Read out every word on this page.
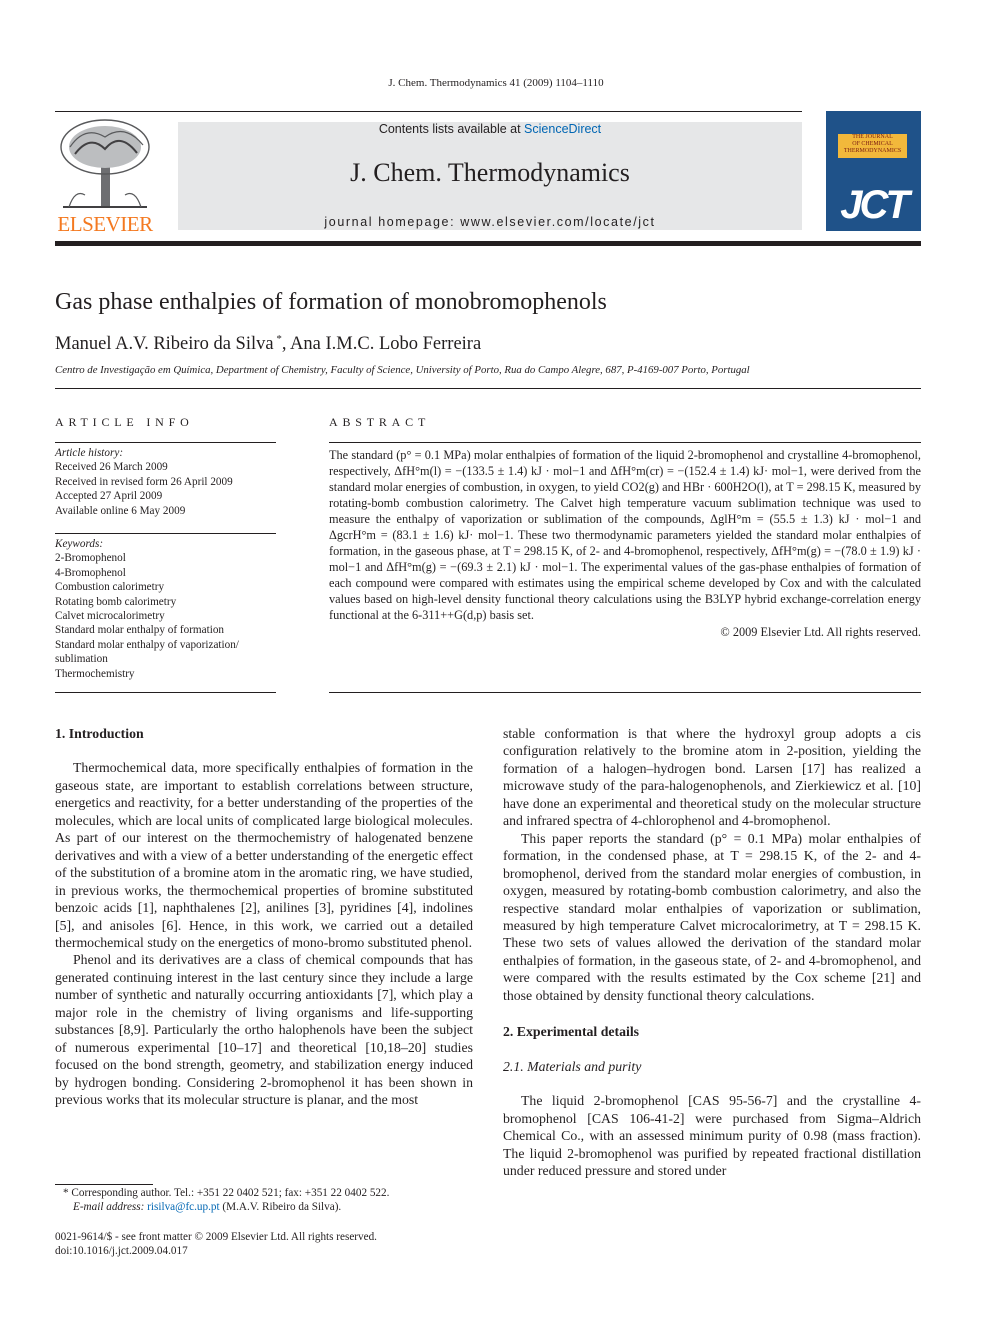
J. Chem. Thermodynamics 41 (2009) 1104–1110
ELSEVIER
Contents lists available at ScienceDirect
J. Chem. Thermodynamics
journal homepage: www.elsevier.com/locate/jct
THE JOURNAL
OF CHEMICAL
THERMODYNAMICS
JCT
Gas phase enthalpies of formation of monobromophenols
Manuel A.V. Ribeiro da Silva *, Ana I.M.C. Lobo Ferreira
Centro de Investigação em Química, Department of Chemistry, Faculty of Science, University of Porto, Rua do Campo Alegre, 687, P-4169-007 Porto, Portugal
ARTICLE INFO

Article history:

Received 26 March 2009

Received in revised form 26 April 2009

Accepted 27 April 2009

Available online 6 May 2009

Keywords:

2-Bromophenol

4-Bromophenol

Combustion calorimetry

Rotating bomb calorimetry

Calvet microcalorimetry

Standard molar enthalpy of formation

Standard molar enthalpy of vaporization/

sublimation

Thermochemistry

ABSTRACT

The standard (p° = 0.1 MPa) molar enthalpies of formation of the liquid 2-bromophenol and crystalline 4-bromophenol, respectively, ΔfH°m(l) = −(133.5 ± 1.4) kJ · mol−1 and ΔfH°m(cr) = −(152.4 ± 1.4) kJ· mol−1, were derived from the standard molar energies of combustion, in oxygen, to yield CO2(g) and HBr · 600H2O(l), at T = 298.15 K, measured by rotating-bomb combustion calorimetry. The Calvet high temperature vacuum sublimation technique was used to measure the enthalpy of vaporization or sublimation of the compounds, ΔglH°m = (55.5 ± 1.3) kJ · mol−1 and ΔgcrH°m = (83.1 ± 1.6) kJ· mol−1. These two thermodynamic parameters yielded the standard molar enthalpies of formation, in the gaseous phase, at T = 298.15 K, of 2- and 4-bromophenol, respectively, ΔfH°m(g) = −(78.0 ± 1.9) kJ · mol−1 and ΔfH°m(g) = −(69.3 ± 2.1) kJ · mol−1. The experimental values of the gas-phase enthalpies of formation of each compound were compared with estimates using the empirical scheme developed by Cox and with the calculated values based on high-level density functional theory calculations using the B3LYP hybrid exchange-correlation energy functional at the 6-311++G(d,p) basis set.

© 2009 Elsevier Ltd. All rights reserved.

1. Introduction

Thermochemical data, more specifically enthalpies of formation in the gaseous state, are important to establish correlations between structure, energetics and reactivity, for a better understanding of the properties of the molecules, which are local units of complicated large biological molecules. As part of our interest on the thermochemistry of halogenated benzene derivatives and with a view of a better understanding of the energetic effect of the substitution of a bromine atom in the aromatic ring, we have studied, in previous works, the thermochemical properties of bromine substituted benzoic acids [1], naphthalenes [2], anilines [3], pyridines [4], indolines [5], and anisoles [6]. Hence, in this work, we carried out a detailed thermochemical study on the energetics of mono-bromo substituted phenol.

Phenol and its derivatives are a class of chemical compounds that has generated continuing interest in the last century since they include a large number of synthetic and naturally occurring antioxidants [7], which play a major role in the chemistry of living organisms and life-supporting substances [8,9]. Particularly the ortho halophenols have been the subject of numerous experimental [10–17] and theoretical [10,18–20] studies focused on the bond strength, geometry, and stabilization energy induced by hydrogen bonding. Considering 2-bromophenol it has been shown in previous works that its molecular structure is planar, and the most

stable conformation is that where the hydroxyl group adopts a cis configuration relatively to the bromine atom in 2-position, yielding the formation of a halogen–hydrogen bond. Larsen [17] has realized a microwave study of the para-halogenophenols, and Zierkiewicz et al. [10] have done an experimental and theoretical study on the molecular structure and infrared spectra of 4-chlorophenol and 4-bromophenol.

This paper reports the standard (p° = 0.1 MPa) molar enthalpies of formation, in the condensed phase, at T = 298.15 K, of the 2- and 4-bromophenol, derived from the standard molar energies of combustion, in oxygen, measured by rotating-bomb combustion calorimetry, and also the respective standard molar enthalpies of vaporization or sublimation, measured by high temperature Calvet microcalorimetry, at T = 298.15 K. These two sets of values allowed the derivation of the standard molar enthalpies of formation, in the gaseous state, of 2- and 4-bromophenol, and were compared with the results estimated by the Cox scheme [21] and those obtained by density functional theory calculations.

2. Experimental details

2.1. Materials and purity

The liquid 2-bromophenol [CAS 95-56-7] and the crystalline 4-bromophenol [CAS 106-41-2] were purchased from Sigma–Aldrich Chemical Co., with an assessed minimum purity of 0.98 (mass fraction). The liquid 2-bromophenol was purified by repeated fractional distillation under reduced pressure and stored under

* Corresponding author. Tel.: +351 22 0402 521; fax: +351 22 0402 522.

E-mail address: risilva@fc.up.pt (M.A.V. Ribeiro da Silva).

0021-9614/$ - see front matter © 2009 Elsevier Ltd. All rights reserved.

doi:10.1016/j.jct.2009.04.017
